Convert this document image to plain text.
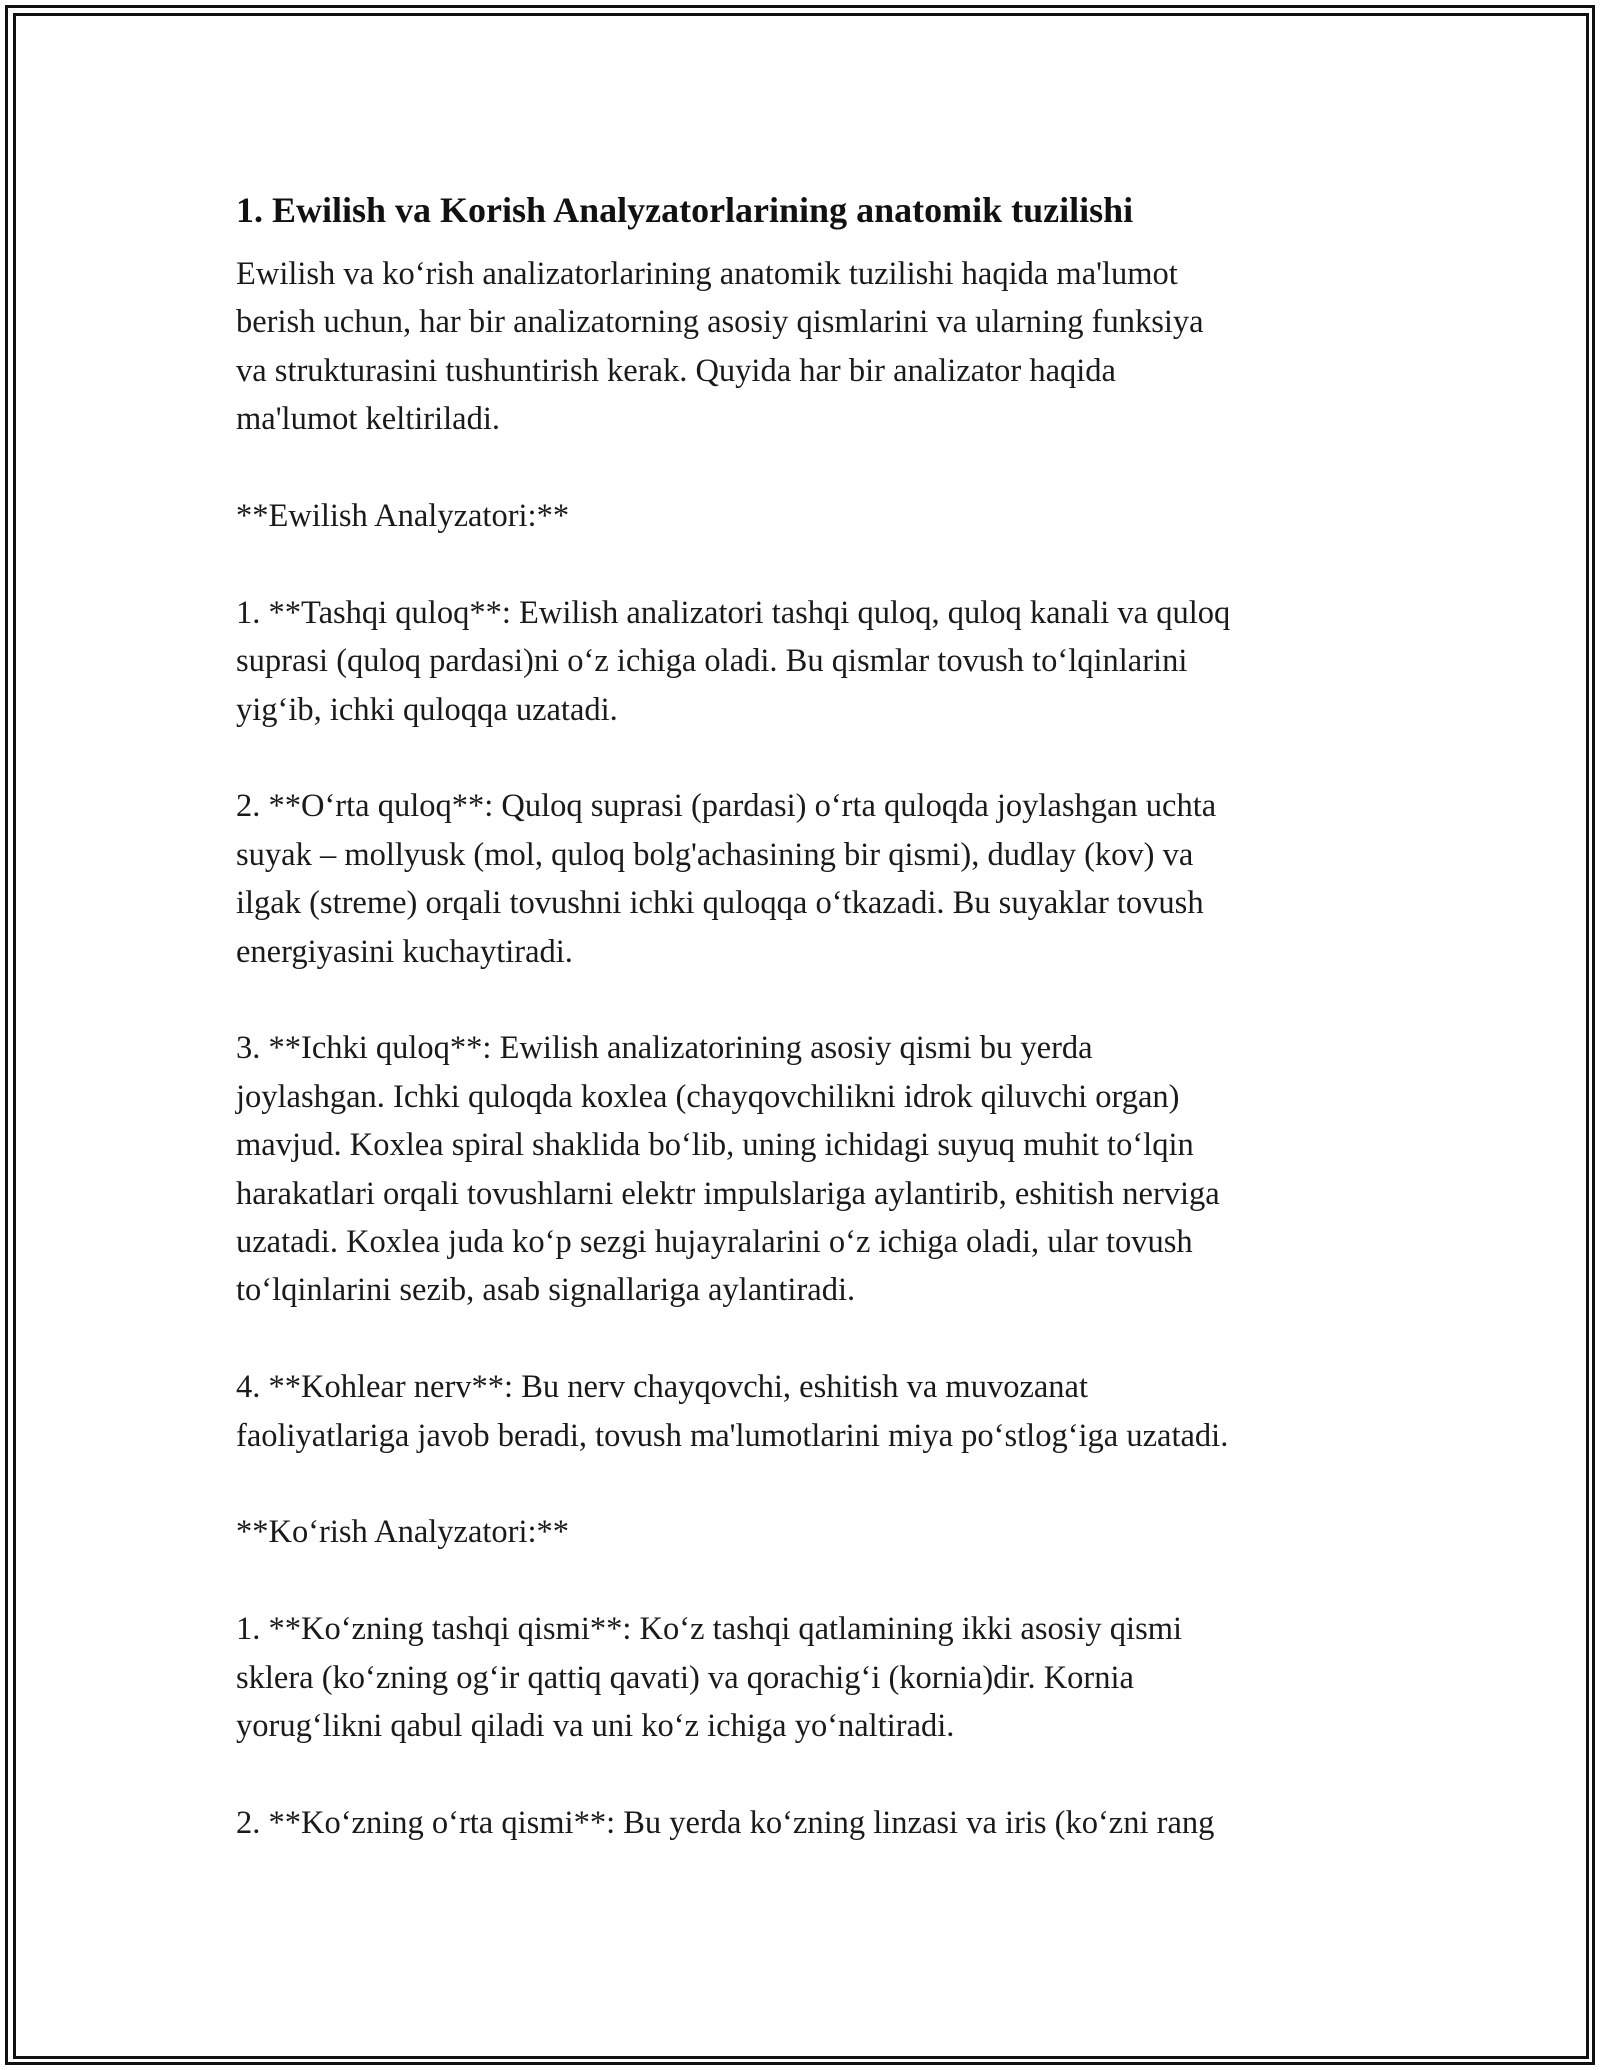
1. Ewilish va Korish Analyzatorlarining anatomik tuzilishi

Ewilish va ko‘rish analizatorlarining anatomik tuzilishi haqida ma'lumot
berish uchun, har bir analizatorning asosiy qismlarini va ularning funksiya
va strukturasini tushuntirish kerak. Quyida har bir analizator haqida
ma'lumot keltiriladi.

**Ewilish Analyzatori:**

1. **Tashqi quloq**: Ewilish analizatori tashqi quloq, quloq kanali va quloq
suprasi (quloq pardasi)ni o‘z ichiga oladi. Bu qismlar tovush to‘lqinlarini
yig‘ib, ichki quloqqa uzatadi.

2. **O‘rta quloq**: Quloq suprasi (pardasi) o‘rta quloqda joylashgan uchta
suyak – mollyusk (mol, quloq bolg'achasining bir qismi), dudlay (kov) va
ilgak (streme) orqali tovushni ichki quloqqa o‘tkazadi. Bu suyaklar tovush
energiyasini kuchaytiradi.

3. **Ichki quloq**: Ewilish analizatorining asosiy qismi bu yerda
joylashgan. Ichki quloqda koxlea (chayqovchilikni idrok qiluvchi organ)
mavjud. Koxlea spiral shaklida bo‘lib, uning ichidagi suyuq muhit to‘lqin
harakatlari orqali tovushlarni elektr impulslariga aylantirib, eshitish nerviga
uzatadi. Koxlea juda ko‘p sezgi hujayralarini o‘z ichiga oladi, ular tovush
to‘lqinlarini sezib, asab signallariga aylantiradi.

4. **Kohlear nerv**: Bu nerv chayqovchi, eshitish va muvozanat
faoliyatlariga javob beradi, tovush ma'lumotlarini miya po‘stlog‘iga uzatadi.

**Ko‘rish Analyzatori:**

1. **Ko‘zning tashqi qismi**: Ko‘z tashqi qatlamining ikki asosiy qismi
sklera (ko‘zning og‘ir qattiq qavati) va qorachig‘i (kornia)dir. Kornia
yorug‘likni qabul qiladi va uni ko‘z ichiga yo‘naltiradi.

2. **Ko‘zning o‘rta qismi**: Bu yerda ko‘zning linzasi va iris (ko‘zni rang
